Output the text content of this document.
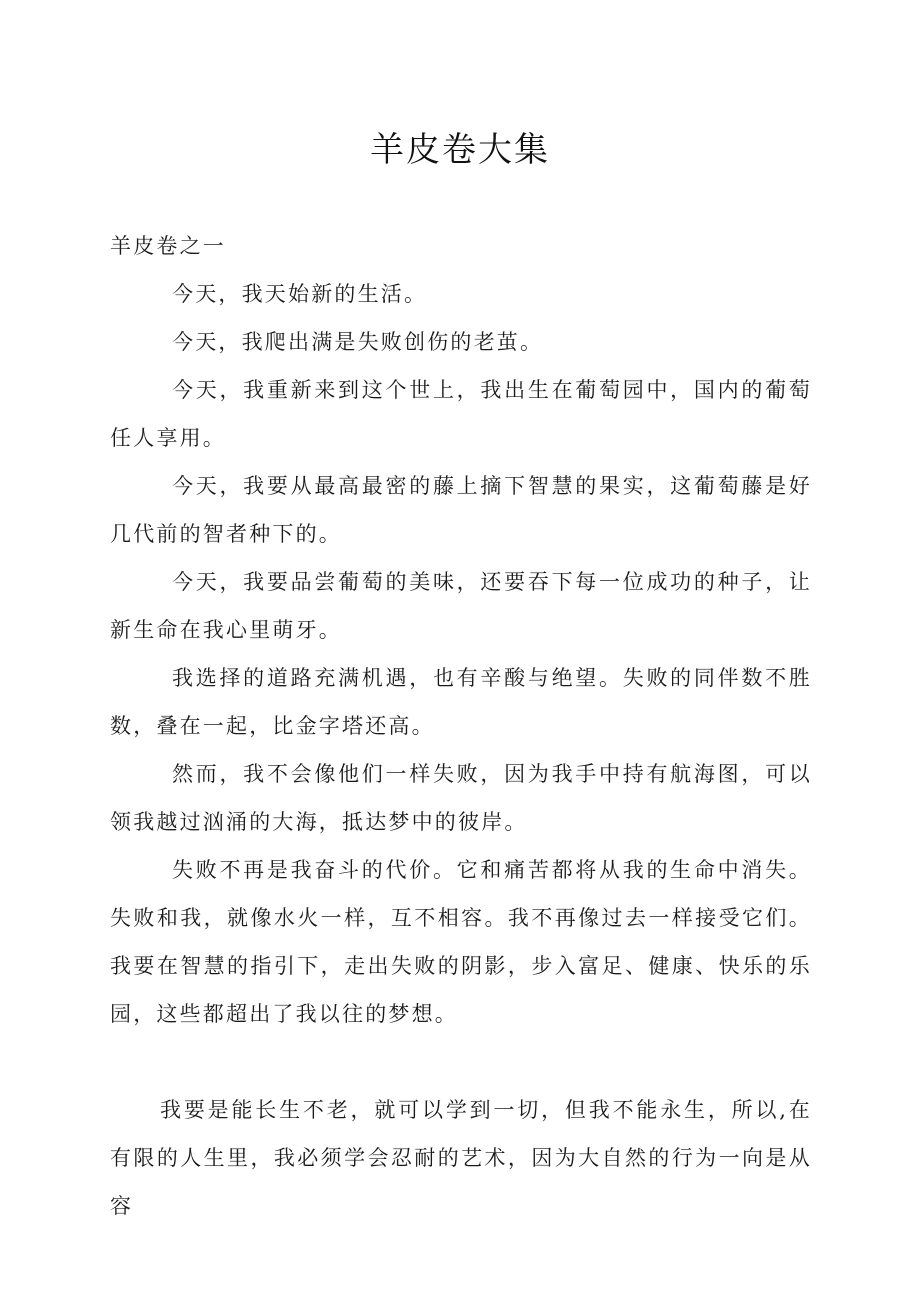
羊皮卷大集

羊皮卷之一

今天，我天始新的生活。

今天，我爬出满是失败创伤的老茧。

今天，我重新来到这个世上，我出生在葡萄园中，国内的葡萄任人享用。

今天，我要从最高最密的藤上摘下智慧的果实，这葡萄藤是好几代前的智者种下的。

今天，我要品尝葡萄的美味，还要吞下每一位成功的种子，让新生命在我心里萌牙。

我选择的道路充满机遇，也有辛酸与绝望。失败的同伴数不胜数，叠在一起，比金字塔还高。

然而，我不会像他们一样失败，因为我手中持有航海图，可以领我越过汹涌的大海，抵达梦中的彼岸。

失败不再是我奋斗的代价。它和痛苦都将从我的生命中消失。失败和我，就像水火一样，互不相容。我不再像过去一样接受它们。我要在智慧的指引下，走出失败的阴影，步入富足、健康、快乐的乐园，这些都超出了我以往的梦想。

我要是能长生不老，就可以学到一切，但我不能永生，所以,在有限的人生里，我必须学会忍耐的艺术，因为大自然的行为一向是从容
